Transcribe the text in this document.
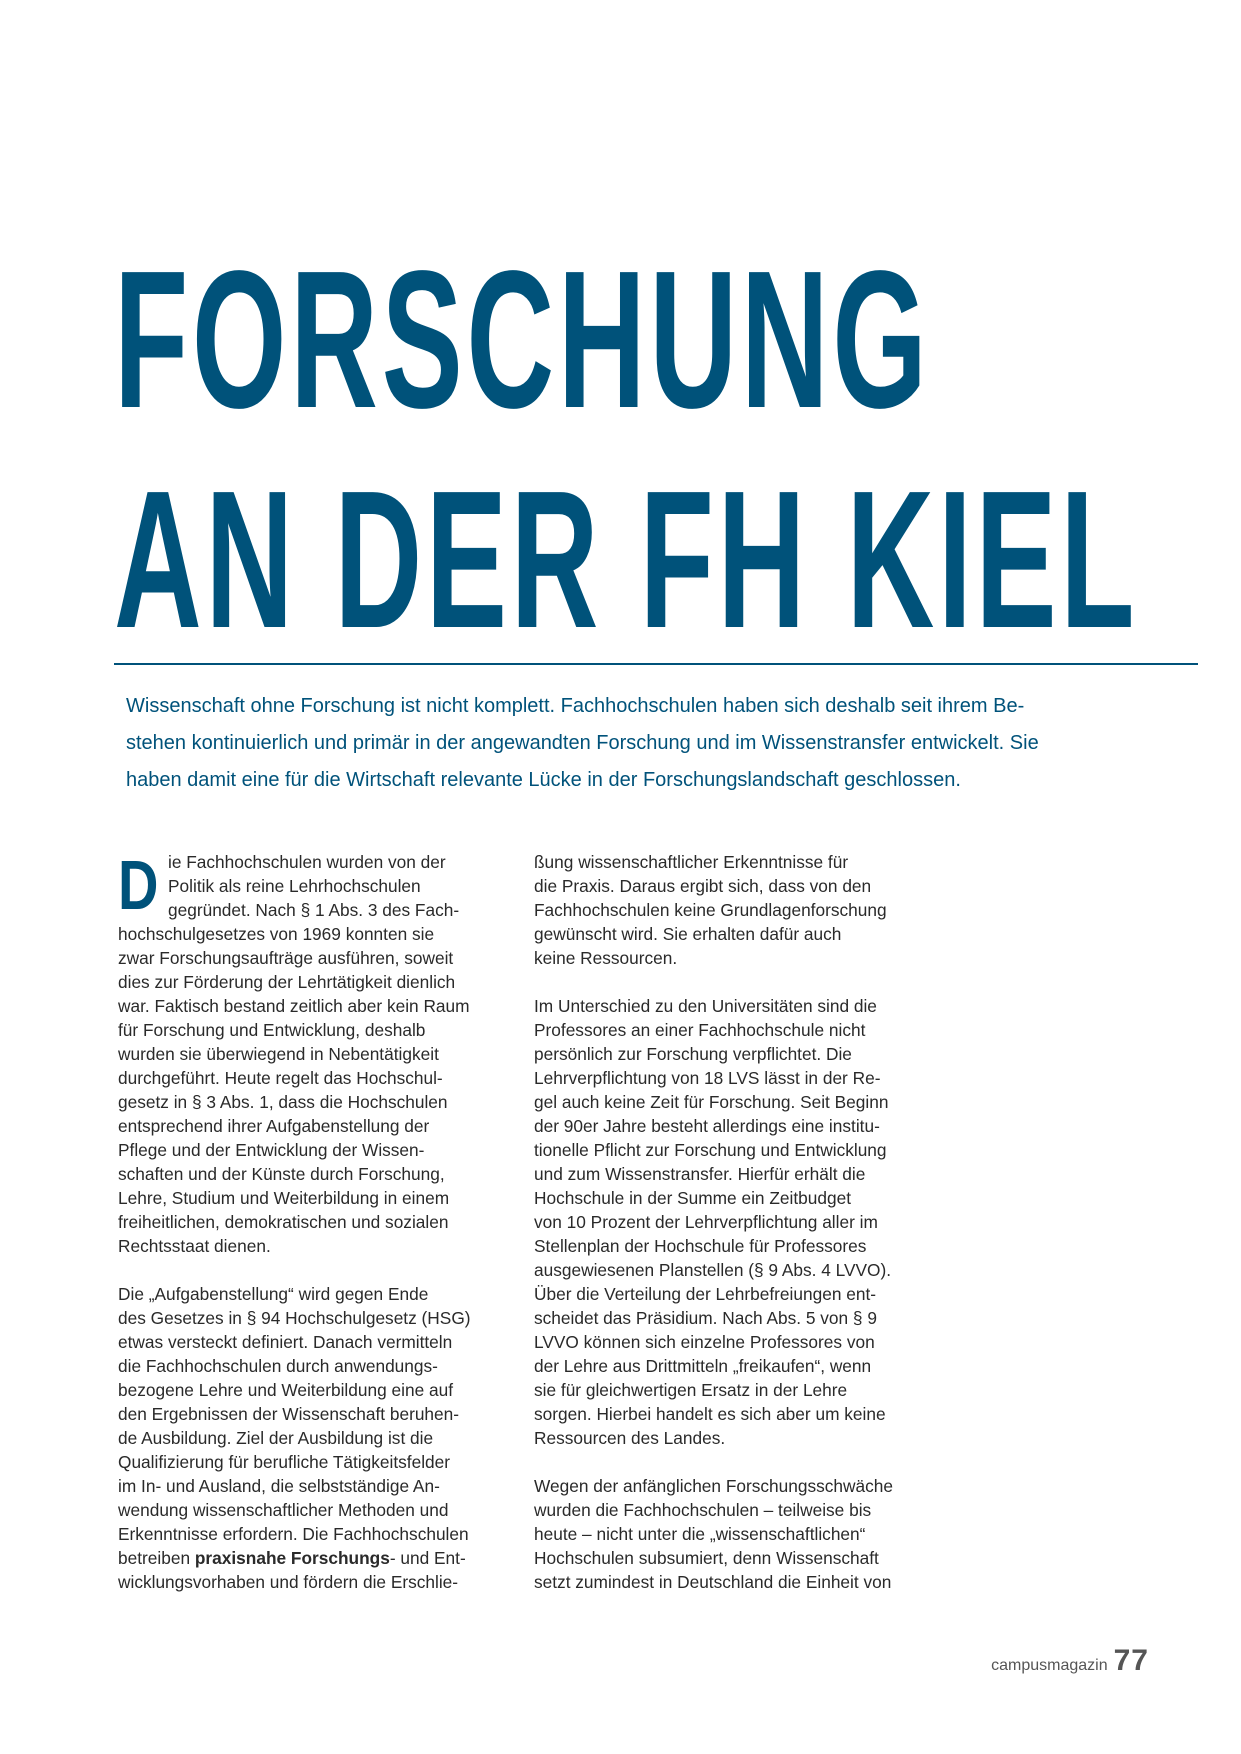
FORSCHUNG
AN DER FH KIEL
Wissenschaft ohne Forschung ist nicht komplett. Fachhochschulen haben sich deshalb seit ihrem Be-
stehen kontinuierlich und primär in der angewandten Forschung und im Wissenstransfer entwickelt. Sie
haben damit eine für die Wirtschaft relevante Lücke in der Forschungslandschaft geschlossen.

D ie Fachhochschulen wurden von der
Politik als reine Lehrhochschulen
gegründet. Nach § 1 Abs. 3 des Fach-
hochschulgesetzes von 1969 konnten sie
zwar Forschungsaufträge ausführen, soweit
dies zur Förderung der Lehrtätigkeit dienlich
war. Faktisch bestand zeitlich aber kein Raum
für Forschung und Entwicklung, deshalb
wurden sie überwiegend in Nebentätigkeit
durchgeführt. Heute regelt das Hochschul-
gesetz in § 3 Abs. 1, dass die Hochschulen
entsprechend ihrer Aufgabenstellung der
Pflege und der Entwicklung der Wissen-
schaften und der Künste durch Forschung,
Lehre, Studium und Weiterbildung in einem
freiheitlichen, demokratischen und sozialen
Rechtsstaat dienen.

Die „Aufgabenstellung“ wird gegen Ende
des Gesetzes in § 94 Hochschulgesetz (HSG)
etwas versteckt definiert. Danach vermitteln
die Fachhochschulen durch anwendungs-
bezogene Lehre und Weiterbildung eine auf
den Ergebnissen der Wissenschaft beruhen-
de Ausbildung. Ziel der Ausbildung ist die
Qualifizierung für berufliche Tätigkeitsfelder
im In- und Ausland, die selbstständige An-
wendung wissenschaftlicher Methoden und
Erkenntnisse erfordern. Die Fachhochschulen
betreiben praxisnahe Forschungs- und Ent-
wicklungsvorhaben und fördern die Erschlie-

ßung wissenschaftlicher Erkenntnisse für
die Praxis. Daraus ergibt sich, dass von den
Fachhochschulen keine Grundlagenforschung
gewünscht wird. Sie erhalten dafür auch
keine Ressourcen.

Im Unterschied zu den Universitäten sind die
Professores an einer Fachhochschule nicht
persönlich zur Forschung verpflichtet. Die
Lehrverpflichtung von 18 LVS lässt in der Re-
gel auch keine Zeit für Forschung. Seit Beginn
der 90er Jahre besteht allerdings eine institu-
tionelle Pflicht zur Forschung und Entwicklung
und zum Wissenstransfer. Hierfür erhält die
Hochschule in der Summe ein Zeitbudget
von 10 Prozent der Lehrverpflichtung aller im
Stellenplan der Hochschule für Professores
ausgewiesenen Planstellen (§ 9 Abs. 4 LVVO).
Über die Verteilung der Lehrbefreiungen ent-
scheidet das Präsidium. Nach Abs. 5 von § 9
LVVO können sich einzelne Professores von
der Lehre aus Drittmitteln „freikaufen“, wenn
sie für gleichwertigen Ersatz in der Lehre
sorgen. Hierbei handelt es sich aber um keine
Ressourcen des Landes.

Wegen der anfänglichen Forschungsschwäche
wurden die Fachhochschulen – teilweise bis
heute – nicht unter die „wissenschaftlichen“
Hochschulen subsumiert, denn Wissenschaft
setzt zumindest in Deutschland die Einheit von

campusmagazin 77
